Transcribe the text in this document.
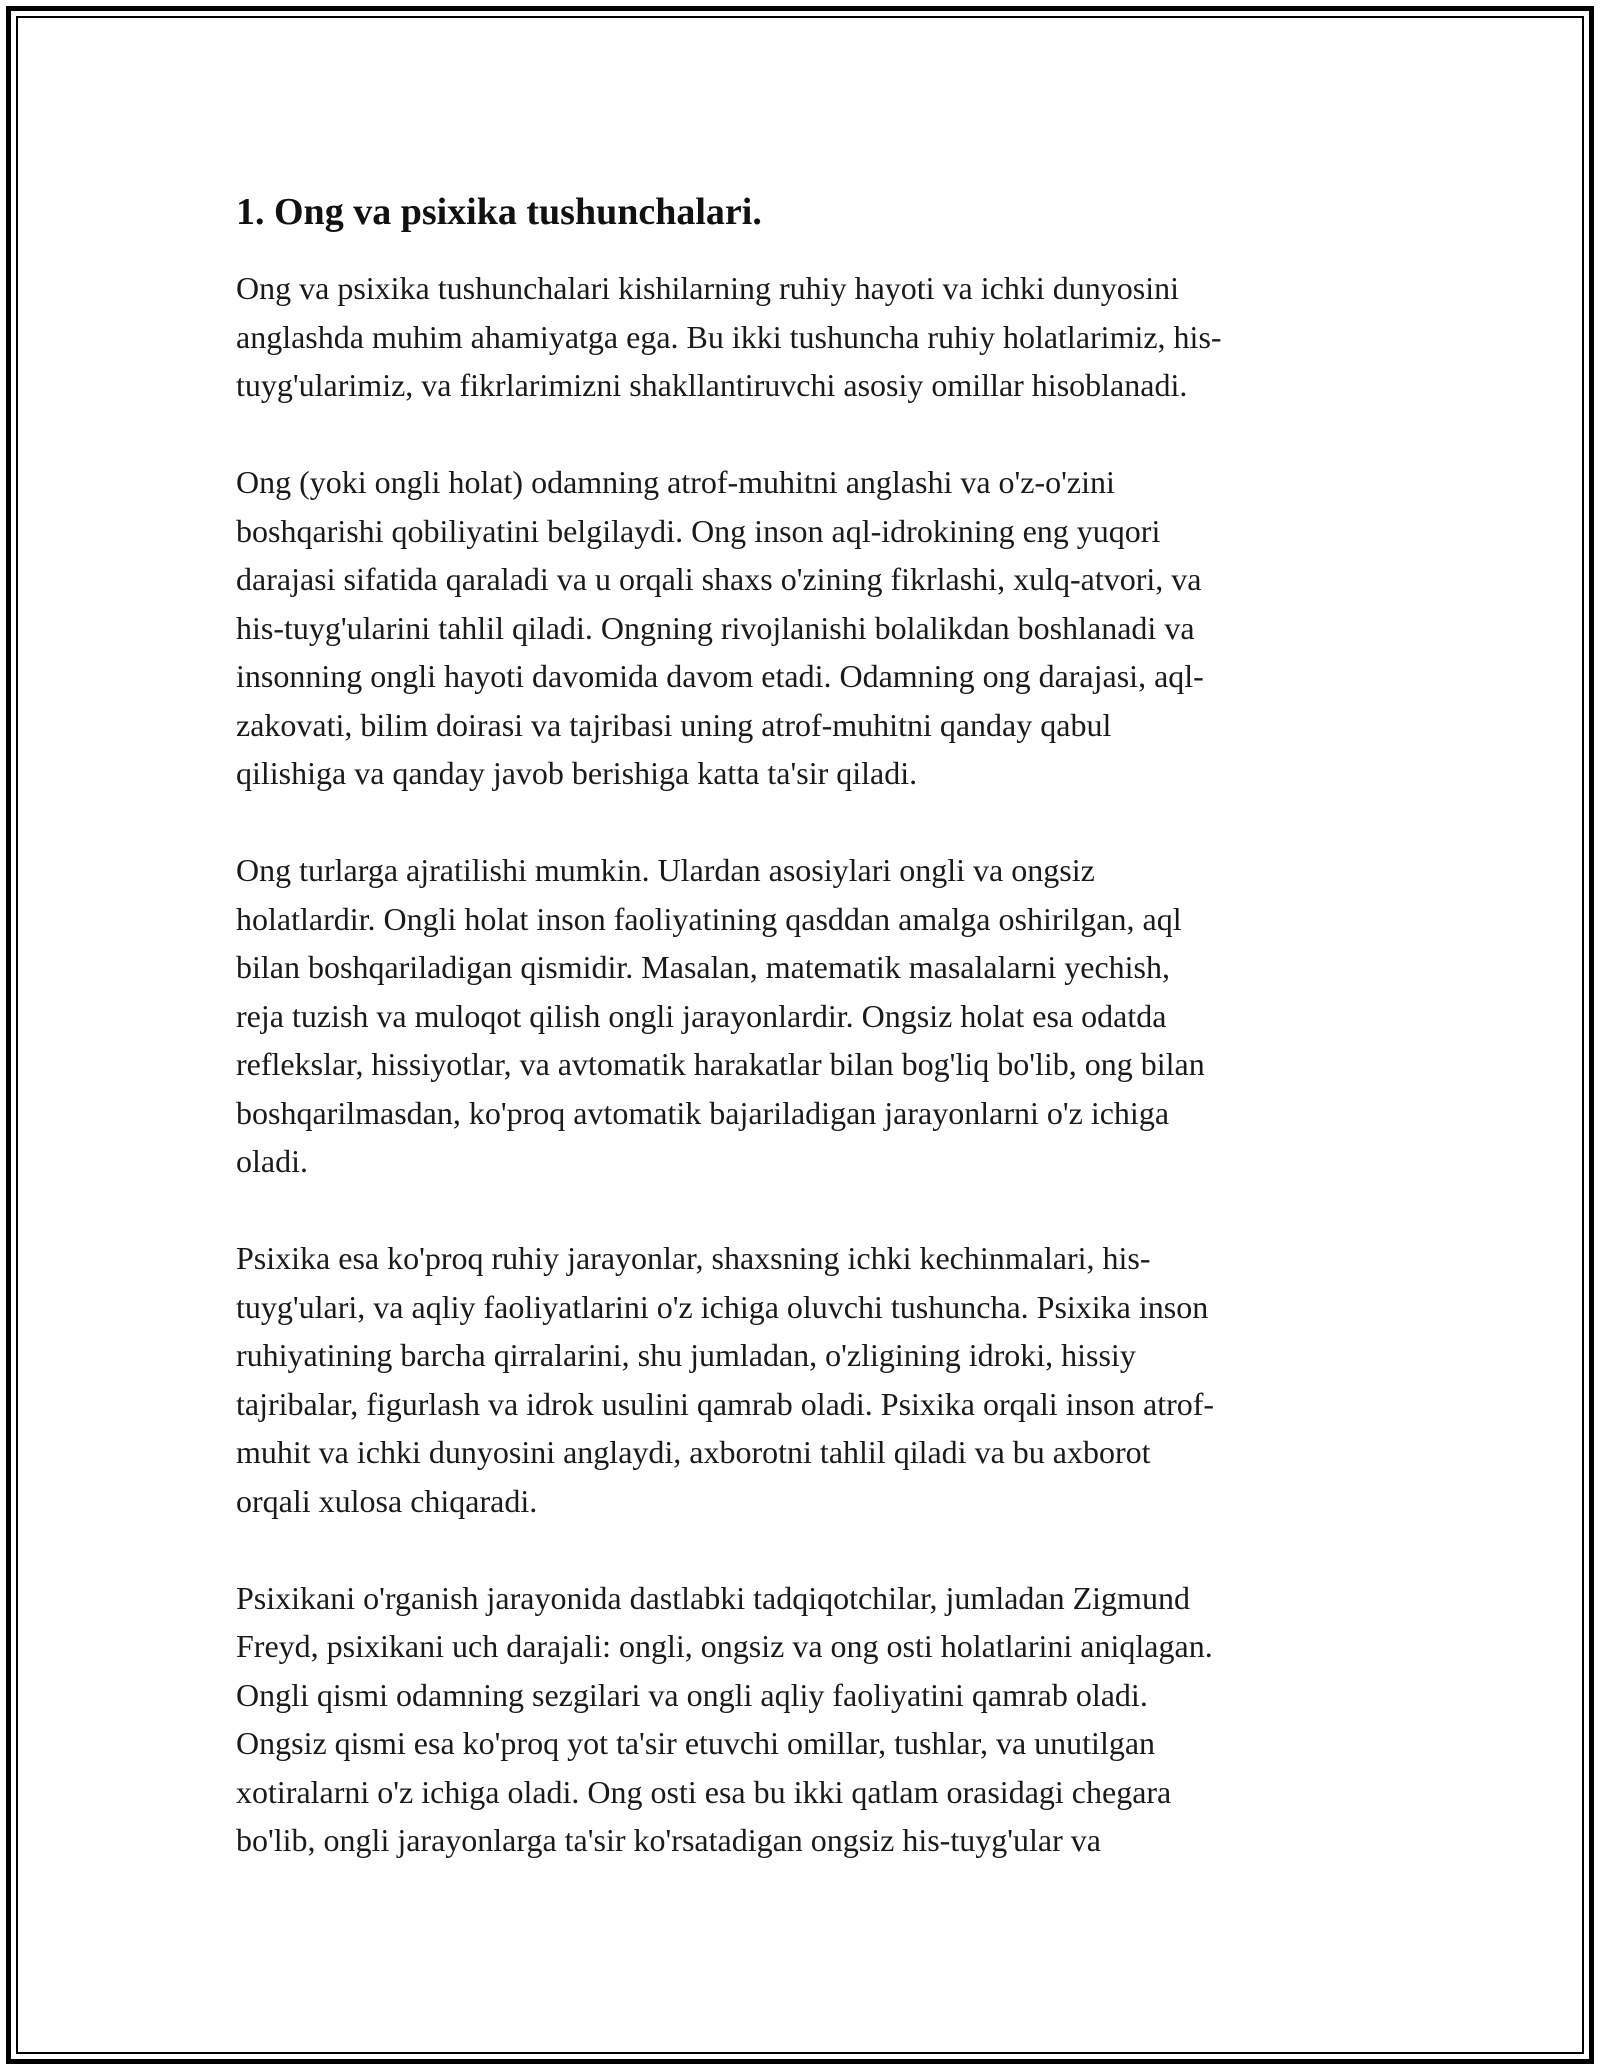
1. Ong va psixika tushunchalari.

Ong va psixika tushunchalari kishilarning ruhiy hayoti va ichki dunyosini
anglashda muhim ahamiyatga ega. Bu ikki tushuncha ruhiy holatlarimiz, his-
tuyg'ularimiz, va fikrlarimizni shakllantiruvchi asosiy omillar hisoblanadi.

Ong (yoki ongli holat) odamning atrof-muhitni anglashi va o'z-o'zini
boshqarishi qobiliyatini belgilaydi. Ong inson aql-idrokining eng yuqori
darajasi sifatida qaraladi va u orqali shaxs o'zining fikrlashi, xulq-atvori, va
his-tuyg'ularini tahlil qiladi. Ongning rivojlanishi bolalikdan boshlanadi va
insonning ongli hayoti davomida davom etadi. Odamning ong darajasi, aql-
zakovati, bilim doirasi va tajribasi uning atrof-muhitni qanday qabul
qilishiga va qanday javob berishiga katta ta'sir qiladi.

Ong turlarga ajratilishi mumkin. Ulardan asosiylari ongli va ongsiz
holatlardir. Ongli holat inson faoliyatining qasddan amalga oshirilgan, aql
bilan boshqariladigan qismidir. Masalan, matematik masalalarni yechish,
reja tuzish va muloqot qilish ongli jarayonlardir. Ongsiz holat esa odatda
reflekslar, hissiyotlar, va avtomatik harakatlar bilan bog'liq bo'lib, ong bilan
boshqarilmasdan, ko'proq avtomatik bajariladigan jarayonlarni o'z ichiga
oladi.

Psixika esa ko'proq ruhiy jarayonlar, shaxsning ichki kechinmalari, his-
tuyg'ulari, va aqliy faoliyatlarini o'z ichiga oluvchi tushuncha. Psixika inson
ruhiyatining barcha qirralarini, shu jumladan, o'zligining idroki, hissiy
tajribalar, figurlash va idrok usulini qamrab oladi. Psixika orqali inson atrof-
muhit va ichki dunyosini anglaydi, axborotni tahlil qiladi va bu axborot
orqali xulosa chiqaradi.

Psixikani o'rganish jarayonida dastlabki tadqiqotchilar, jumladan Zigmund
Freyd, psixikani uch darajali: ongli, ongsiz va ong osti holatlarini aniqlagan.
Ongli qismi odamning sezgilari va ongli aqliy faoliyatini qamrab oladi.
Ongsiz qismi esa ko'proq yot ta'sir etuvchi omillar, tushlar, va unutilgan
xotiralarni o'z ichiga oladi. Ong osti esa bu ikki qatlam orasidagi chegara
bo'lib, ongli jarayonlarga ta'sir ko'rsatadigan ongsiz his-tuyg'ular va
